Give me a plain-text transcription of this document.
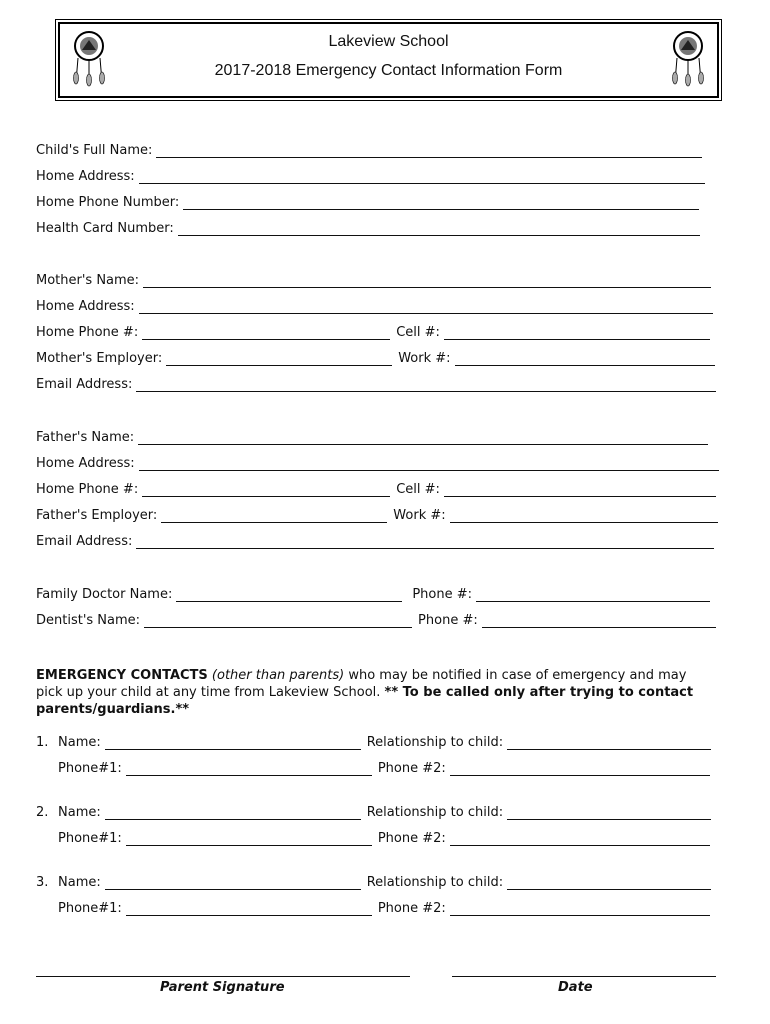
Lakeview School
2017-2018 Emergency Contact Information Form
Child's Full Name:
Home Address:
Home Phone Number:
Health Card Number:
Mother's Name:
Home Address:
Home Phone #:	Cell #:
Mother's Employer:	Work #:
Email Address:
Father's Name:
Home Address:
Home Phone #:	Cell #:
Father's Employer:	Work #:
Email Address:
Family Doctor Name:	Phone #:
Dentist's Name:	Phone #:
EMERGENCY CONTACTS (other than parents) who may be notified in case of emergency and may pick up your child at any time from Lakeview School. ** To be called only after trying to contact parents/guardians.**
1. Name:	Relationship to child:
Phone#1:	Phone #2:
2. Name:	Relationship to child:
Phone#1:	Phone #2:
3. Name:	Relationship to child:
Phone#1:	Phone #2:
Parent Signature	Date
